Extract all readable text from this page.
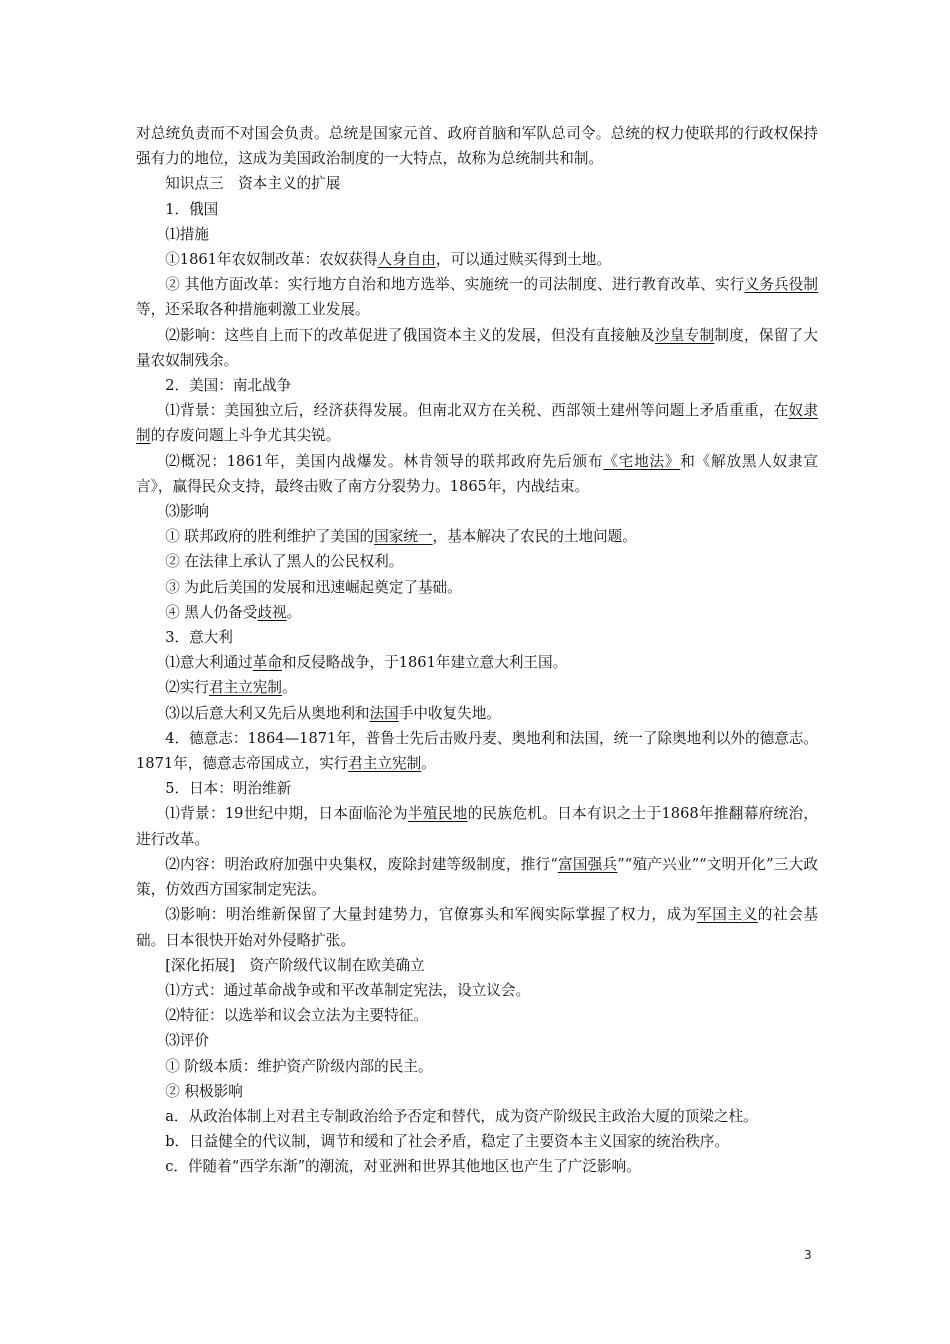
对总统负责而不对国会负责。总统是国家元首、政府首脑和军队总司令。总统的权力使联邦的行政权保持强有力的地位，这成为美国政治制度的一大特点，故称为总统制共和制。

知识点三　资本主义的扩展

1．俄国

⑴措施

①1861年农奴制改革：农奴获得人身自由，可以通过赎买得到土地。

② 其他方面改革：实行地方自治和地方选举、实施统一的司法制度、进行教育改革、实行义务兵役制等，还采取各种措施刺激工业发展。

⑵影响：这些自上而下的改革促进了俄国资本主义的发展，但没有直接触及沙皇专制制度，保留了大量农奴制残余。

2．美国：南北战争

⑴背景：美国独立后，经济获得发展。但南北双方在关税、西部领土建州等问题上矛盾重重，在奴隶制的存废问题上斗争尤其尖锐。

⑵概况：1861年，美国内战爆发。林肯领导的联邦政府先后颁布《宅地法》和《解放黑人奴隶宣言》，赢得民众支持，最终击败了南方分裂势力。1865年，内战结束。

⑶影响

① 联邦政府的胜利维护了美国的国家统一，基本解决了农民的土地问题。

② 在法律上承认了黑人的公民权利。

③ 为此后美国的发展和迅速崛起奠定了基础。

④ 黑人仍备受歧视。

3．意大利

⑴意大利通过革命和反侵略战争，于1861年建立意大利王国。

⑵实行君主立宪制。

⑶以后意大利又先后从奥地利和法国手中收复失地。

4．德意志：1864—1871年，普鲁士先后击败丹麦、奥地利和法国，统一了除奥地利以外的德意志。1871年，德意志帝国成立，实行君主立宪制。

5．日本：明治维新

⑴背景：19世纪中期，日本面临沦为半殖民地的民族危机。日本有识之士于1868年推翻幕府统治，进行改革。

⑵内容：明治政府加强中央集权，废除封建等级制度，推行“富国强兵”“殖产兴业”“文明开化”三大政策，仿效西方国家制定宪法。

⑶影响：明治维新保留了大量封建势力，官僚寡头和军阀实际掌握了权力，成为军国主义的社会基础。日本很快开始对外侵略扩张。

[深化拓展]　资产阶级代议制在欧美确立

⑴方式：通过革命战争或和平改革制定宪法，设立议会。

⑵特征：以选举和议会立法为主要特征。

⑶评价

① 阶级本质：维护资产阶级内部的民主。

② 积极影响

a．从政治体制上对君主专制政治给予否定和替代，成为资产阶级民主政治大厦的顶梁之柱。

b．日益健全的代议制，调节和缓和了社会矛盾，稳定了主要资本主义国家的统治秩序。

c．伴随着“西学东渐”的潮流，对亚洲和世界其他地区也产生了广泛影响。

3
